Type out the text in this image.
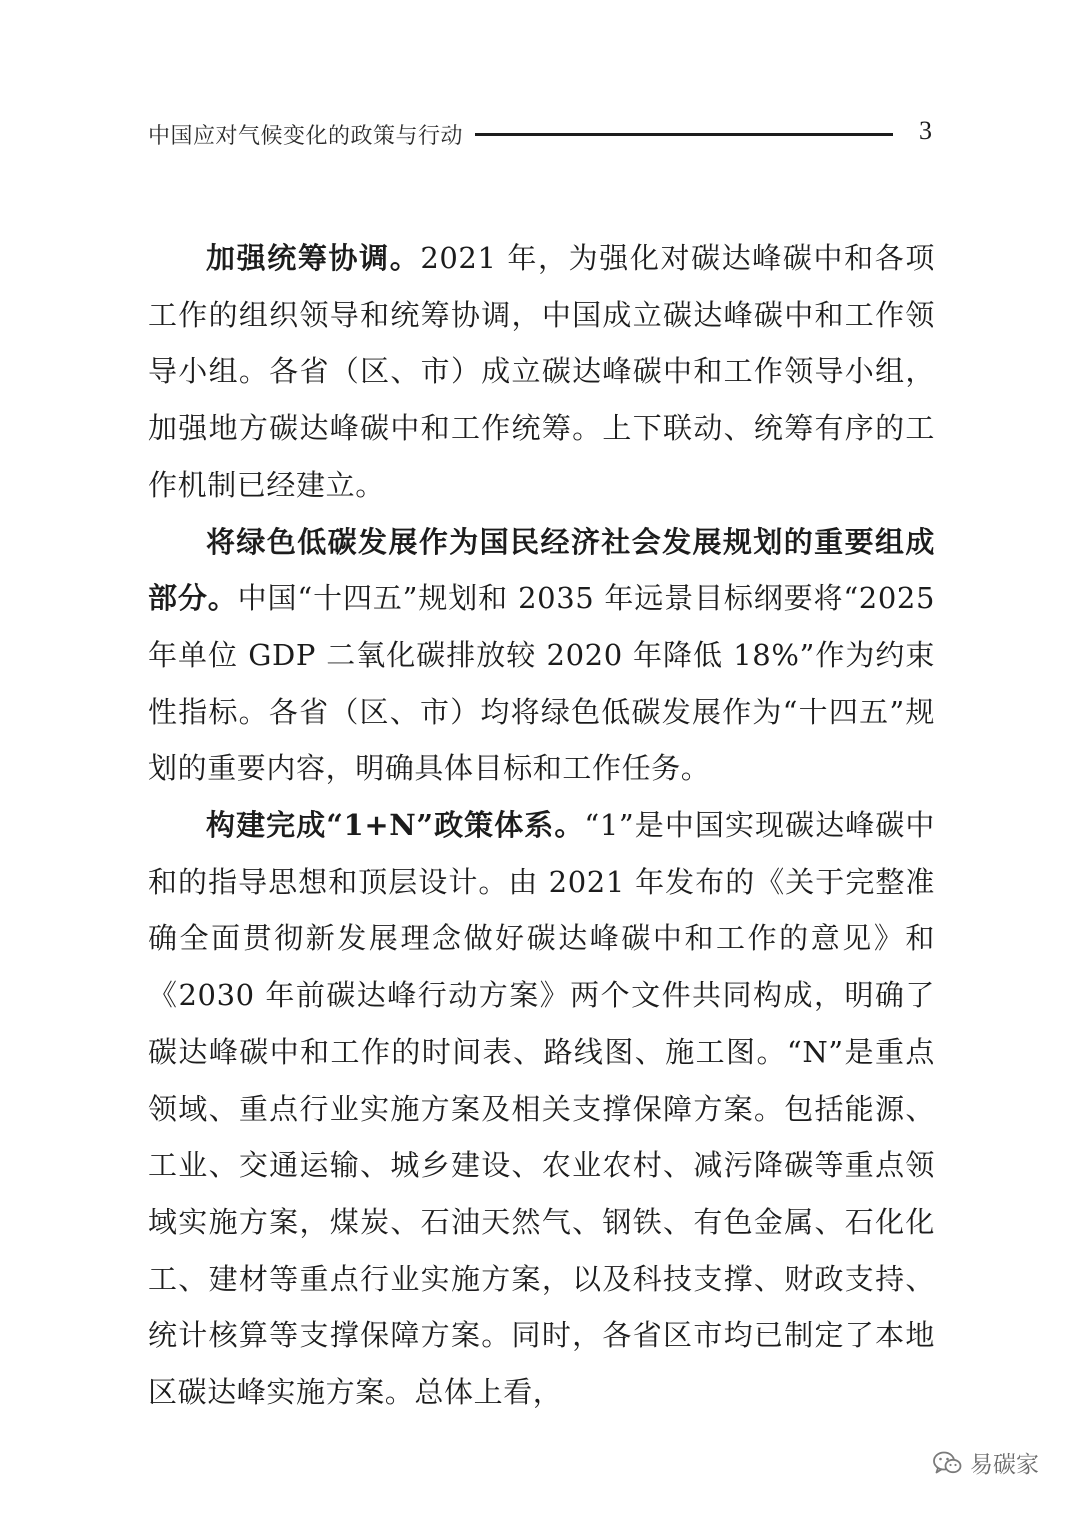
中国应对气候变化的政策与行动	3

加强统筹协调。2021 年，为强化对碳达峰碳中和各项工作的组织领导和统筹协调，中国成立碳达峰碳中和工作领导小组。各省（区、市）成立碳达峰碳中和工作领导小组，加强地方碳达峰碳中和工作统筹。上下联动、统筹有序的工作机制已经建立。

将绿色低碳发展作为国民经济社会发展规划的重要组成部分。中国“十四五”规划和 2035 年远景目标纲要将“2025 年单位 GDP 二氧化碳排放较 2020 年降低 18%”作为约束性指标。各省（区、市）均将绿色低碳发展作为“十四五”规划的重要内容，明确具体目标和工作任务。

构建完成“1+N”政策体系。“1”是中国实现碳达峰碳中和的指导思想和顶层设计。由 2021 年发布的《关于完整准确全面贯彻新发展理念做好碳达峰碳中和工作的意见》和《2030 年前碳达峰行动方案》两个文件共同构成，明确了碳达峰碳中和工作的时间表、路线图、施工图。“N”是重点领域、重点行业实施方案及相关支撑保障方案。包括能源、工业、交通运输、城乡建设、农业农村、减污降碳等重点领域实施方案，煤炭、石油天然气、钢铁、有色金属、石化化工、建材等重点行业实施方案，以及科技支撑、财政支持、统计核算等支撑保障方案。同时，各省区市均已制定了本地区碳达峰实施方案。总体上看，

易碳家
